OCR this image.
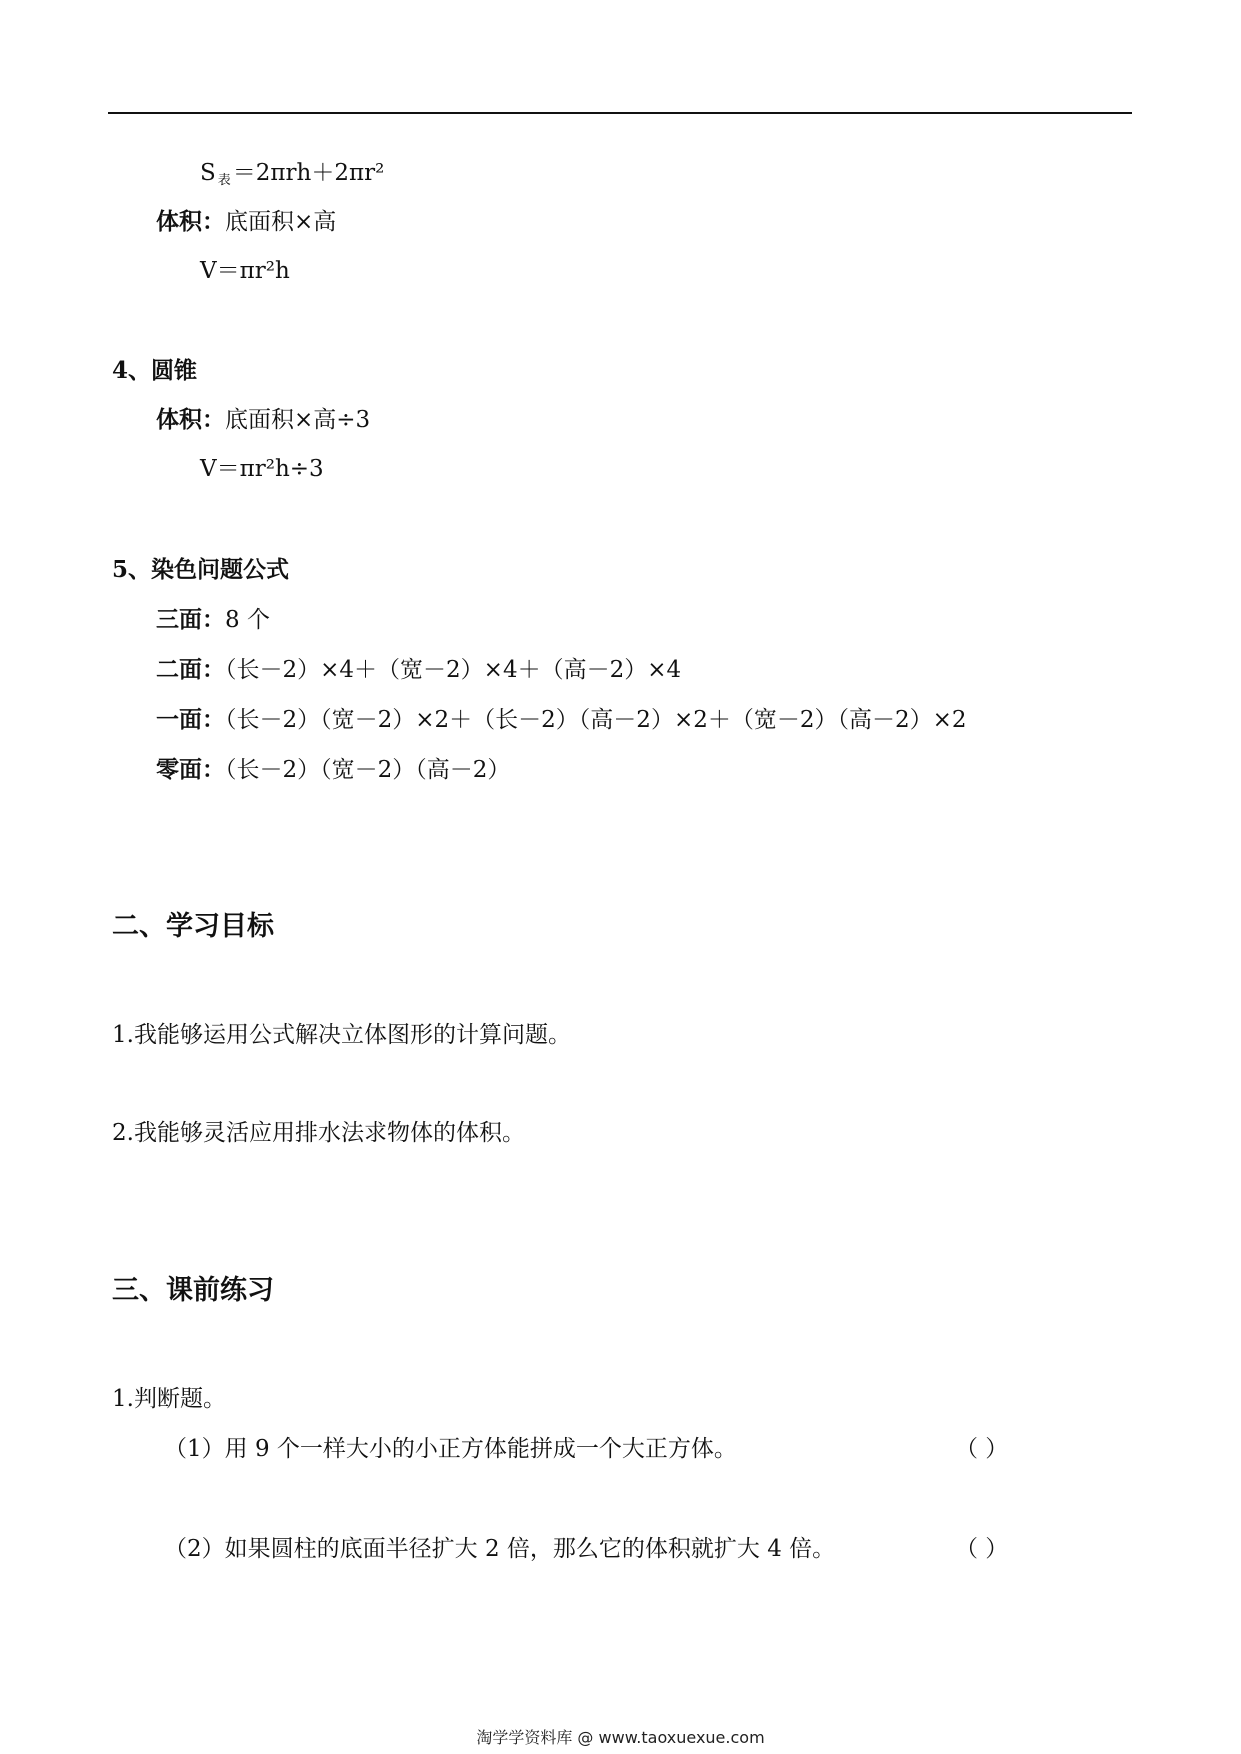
S $_表$＝2πrh＋2πr²
体积：底面积×高
V＝πr²h
4、圆锥
体积：底面积×高÷3
V＝πr²h÷3
5、染色问题公式
三面：8 个
二面：（长－2）×4＋（宽－2）×4＋（高－2）×4
一面：（长－2）（宽－2）×2＋（长－2）（高－2）×2＋（宽－2）（高－2）×2
零面：（长－2）（宽－2）（高－2）
二、学习目标
1.我能够运用公式解决立体图形的计算问题。
2.我能够灵活应用排水法求物体的体积。
三、课前练习
1.判断题。
（1）用 9 个一样大小的小正方体能拼成一个大正方体。	（ ）
（2）如果圆柱的底面半径扩大 2 倍，那么它的体积就扩大 4 倍。	（ ）
淘学学资料库 @ www.taoxuexue.com
